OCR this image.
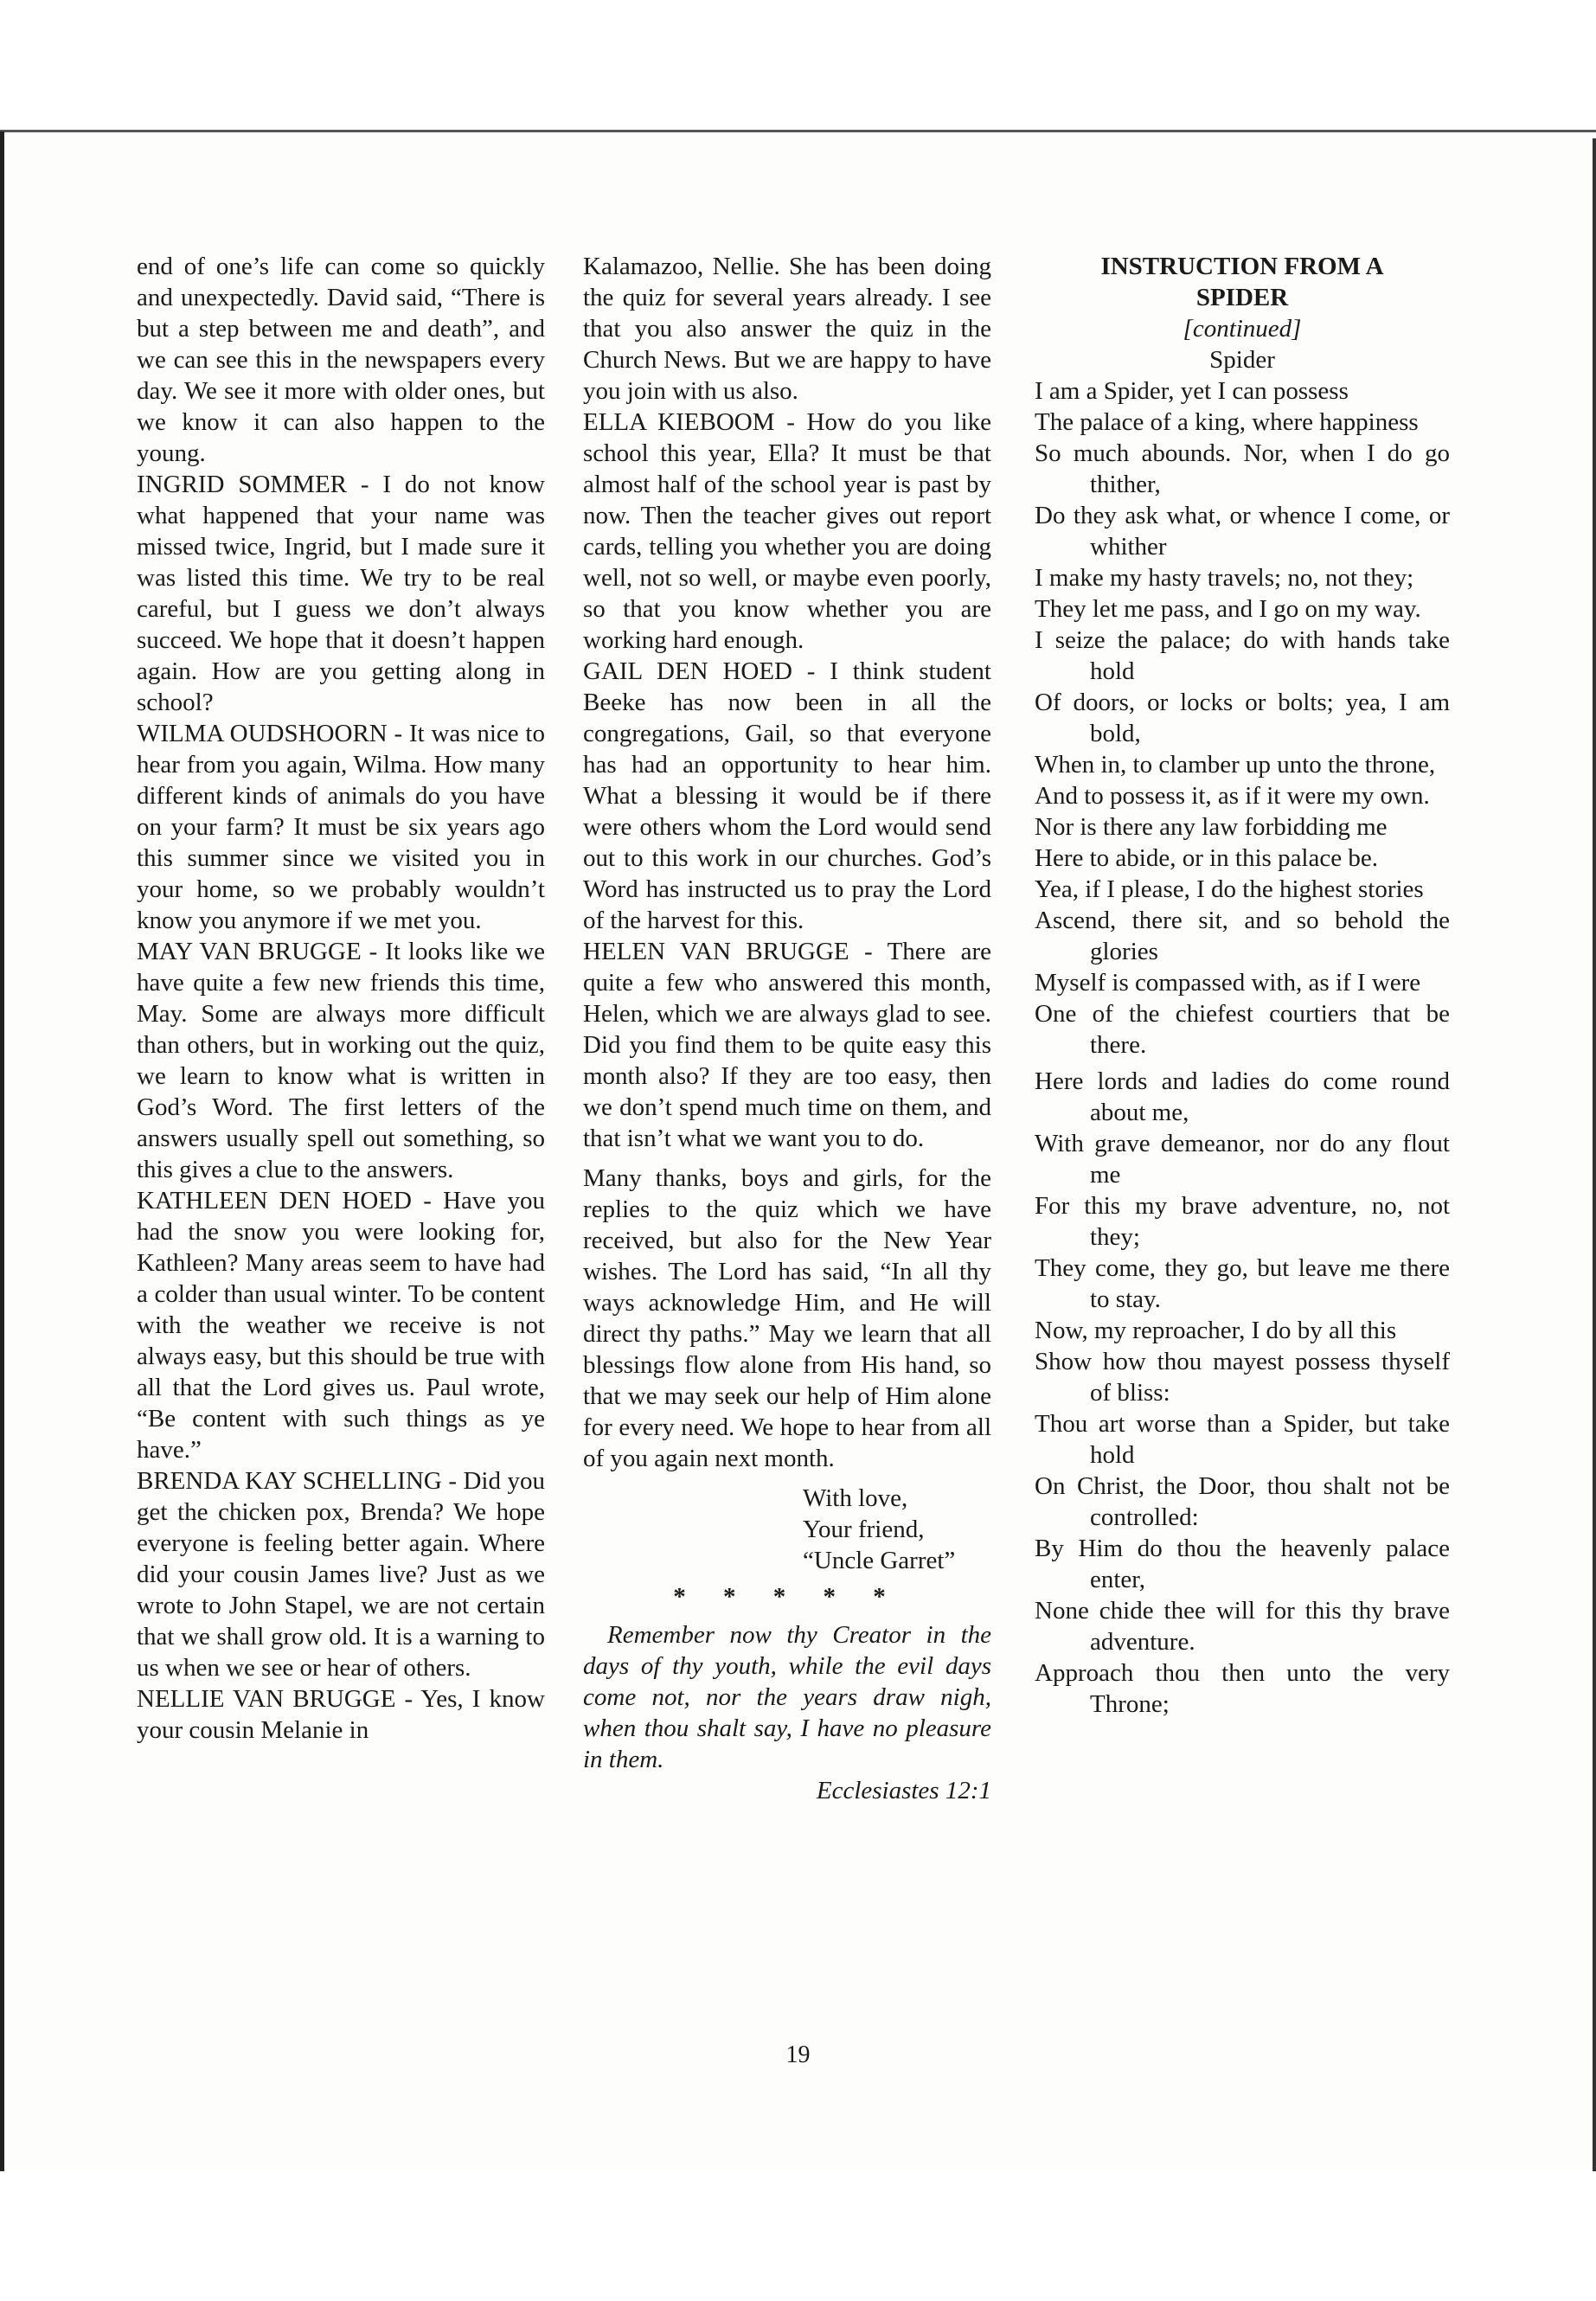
end of one’s life can come so quickly and unexpectedly. David said, “There is but a step between me and death”, and we can see this in the newspapers every day. We see it more with older ones, but we know it can also happen to the young.

INGRID SOMMER - I do not know what happened that your name was missed twice, Ingrid, but I made sure it was listed this time. We try to be real careful, but I guess we don’t always succeed. We hope that it doesn’t happen again. How are you getting along in school?

WILMA OUDSHOORN - It was nice to hear from you again, Wilma. How many different kinds of animals do you have on your farm? It must be six years ago this summer since we visited you in your home, so we probably wouldn’t know you anymore if we met you.

MAY VAN BRUGGE - It looks like we have quite a few new friends this time, May. Some are always more difficult than others, but in working out the quiz, we learn to know what is written in God’s Word. The first letters of the answers usually spell out something, so this gives a clue to the answers.

KATHLEEN DEN HOED - Have you had the snow you were looking for, Kathleen? Many areas seem to have had a colder than usual winter. To be content with the weather we receive is not always easy, but this should be true with all that the Lord gives us. Paul wrote, “Be content with such things as ye have.”

BRENDA KAY SCHELLING - Did you get the chicken pox, Brenda? We hope everyone is feeling better again. Where did your cousin James live? Just as we wrote to John Stapel, we are not certain that we shall grow old. It is a warning to us when we see or hear of others.

NELLIE VAN BRUGGE - Yes, I know your cousin Melanie in

Kalamazoo, Nellie. She has been doing the quiz for several years already. I see that you also answer the quiz in the Church News. But we are happy to have you join with us also.

ELLA KIEBOOM - How do you like school this year, Ella? It must be that almost half of the school year is past by now. Then the teacher gives out report cards, telling you whether you are doing well, not so well, or maybe even poorly, so that you know whether you are working hard enough.

GAIL DEN HOED - I think student Beeke has now been in all the congregations, Gail, so that everyone has had an opportunity to hear him. What a blessing it would be if there were others whom the Lord would send out to this work in our churches. God’s Word has instructed us to pray the Lord of the harvest for this.

HELEN VAN BRUGGE - There are quite a few who answered this month, Helen, which we are always glad to see. Did you find them to be quite easy this month also? If they are too easy, then we don’t spend much time on them, and that isn’t what we want you to do.

Many thanks, boys and girls, for the replies to the quiz which we have received, but also for the New Year wishes. The Lord has said, “In all thy ways acknowledge Him, and He will direct thy paths.” May we learn that all blessings flow alone from His hand, so that we may seek our help of Him alone for every need. We hope to hear from all of you again next month.

With love,
Your friend,
“Uncle Garret”
* * * * *

Remember now thy Creator in the days of thy youth, while the evil days come not, nor the years draw nigh, when thou shalt say, I have no pleasure in them.

Ecclesiastes 12:1

INSTRUCTION FROM A
SPIDER
[continued]
Spider

I am a Spider, yet I can possess

The palace of a king, where happiness

So much abounds. Nor, when I do go thither,

Do they ask what, or whence I come, or whither

I make my hasty travels; no, not they;

They let me pass, and I go on my way.

I seize the palace; do with hands take hold

Of doors, or locks or bolts; yea, I am bold,

When in, to clamber up unto the throne,

And to possess it, as if it were my own.

Nor is there any law forbidding me

Here to abide, or in this palace be.

Yea, if I please, I do the highest stories

Ascend, there sit, and so behold the glories

Myself is compassed with, as if I were

One of the chiefest courtiers that be there.

Here lords and ladies do come round about me,

With grave demeanor, nor do any flout me

For this my brave adventure, no, not they;

They come, they go, but leave me there to stay.

Now, my reproacher, I do by all this

Show how thou mayest possess thyself of bliss:

Thou art worse than a Spider, but take hold

On Christ, the Door, thou shalt not be controlled:

By Him do thou the heavenly palace enter,

None chide thee will for this thy brave adventure.

Approach thou then unto the very Throne;

19
